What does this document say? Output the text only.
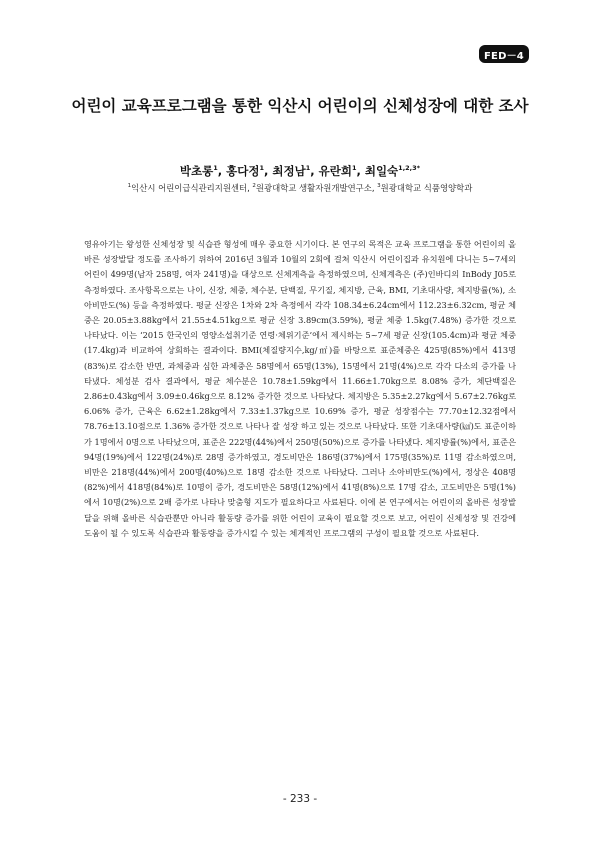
FED－4
어린이 교육프로그램을 통한 익산시 어린이의 신체성장에 대한 조사
박초롱$^1$, 홍다정$^1$, 최정남$^1$, 유란희$^1$, 최일숙$^{1,2,3*}$
$^1$익산시 어린이급식관리지원센터, $^2$원광대학교 생활자원개발연구소, $^3$원광대학교 식품영양학과

영유아기는 왕성한 신체성장 및 식습관 형성에 매우 중요한 시기이다. 본 연구의 목적은 교육 프로그램을 통한 어린이의 올바른 성장발달 정도를 조사하기 위하여 2016년 3월과 10월의 2회에 걸쳐 익산시 어린이집과 유치원에 다니는 5~7세의 어린이 499명(남자 258명, 여자 241명)을 대상으로 신체계측을 측정하였으며, 신체계측은 (주)인바디의 InBody J05로 측정하였다. 조사항목으로는 나이, 신장, 체중, 체수분, 단백질, 무기질, 체지방, 근육, BMI, 기초대사량, 체지방률(%), 소아비만도(%) 등을 측정하였다. 평균 신장은 1차와 2차 측정에서 각각 108.34±6.24cm에서 112.23±6.32cm, 평균 체중은 20.05±3.88kg에서 21.55±4.51kg으로 평균 신장 3.89cm(3.59%), 평균 체중 1.5kg(7.48%) 증가한 것으로 나타났다. 이는 ‘2015 한국인의 영양소섭취기준 연령·체위기준’에서 제시하는 5~7세 평균 신장(105.4cm)과 평균 체중(17.4kg)과 비교하여 상회하는 결과이다. BMI(체질량지수,kg/㎡)를 바탕으로 표준체중은 425명(85%)에서 413명(83%)로 감소한 반면, 과체중과 심한 과체중은 58명에서 65명(13%), 15명에서 21명(4%)으로 각각 다소의 증가를 나타냈다. 체성분 검사 결과에서, 평균 체수분은 10.78±1.59kg에서 11.66±1.70kg으로 8.08% 증가, 체단백질은 2.86±0.43kg에서 3.09±0.46kg으로 8.12% 증가한 것으로 나타났다. 체지방은 5.35±2.27kg에서 5.67±2.76kg로 6.06% 증가, 근육은 6.62±1.28kg에서 7.33±1.37kg으로 10.69% 증가, 평균 성장점수는 77.70±12.32점에서 78.76±13.10점으로 1.36% 증가한 것으로 나타나 잘 성장 하고 있는 것으로 나타났다. 또한 기초대사량(㎉)도 표준이하가 1명에서 0명으로 나타났으며, 표준은 222명(44%)에서 250명(50%)으로 증가를 나타냈다. 체지방률(%)에서, 표준은 94명(19%)에서 122명(24%)로 28명 증가하였고, 경도비만은 186명(37%)에서 175명(35%)로 11명 감소하였으며, 비만은 218명(44%)에서 200명(40%)으로 18명 감소한 것으로 나타났다. 그러나 소아비만도(%)에서, 정상은 408명(82%)에서 418명(84%)로 10명이 증가, 경도비만은 58명(12%)에서 41명(8%)으로 17명 감소, 고도비만은 5명(1%)에서 10명(2%)으로 2배 증가로 나타나 맞춤형 지도가 필요하다고 사료된다. 이에 본 연구에서는 어린이의 올바른 성장발달을 위해 올바른 식습관뿐만 아니라 활동량 증가를 위한 어린이 교육이 필요할 것으로 보고, 어린이 신체성장 및 건강에 도움이 될 수 있도록 식습관과 활동량을 증가시킬 수 있는 체계적인 프로그램의 구성이 필요할 것으로 사료된다.

- 233 -
